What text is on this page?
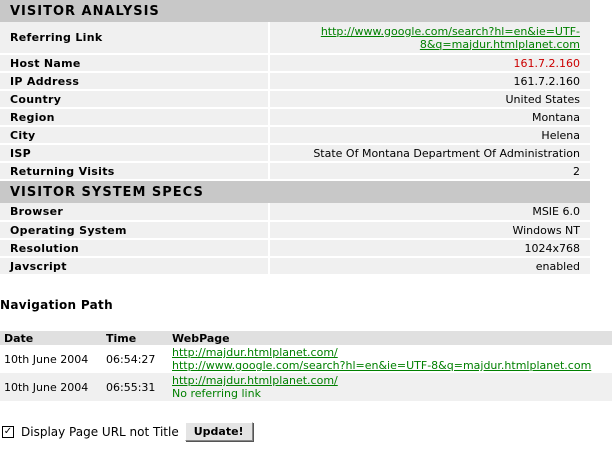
VISITOR ANALYSIS
Referring Link	http://www.google.com/search?hl=en&ie=UTF-
8&q=majdur.htmlplanet.com
Host Name	161.7.2.160
IP Address	161.7.2.160
Country	United States
Region	Montana
City	Helena
ISP	State Of Montana Department Of Administration
Returning Visits	2
VISITOR SYSTEM SPECS
Browser	MSIE 6.0
Operating System	Windows NT
Resolution	1024x768
Javscript	enabled
Navigation Path
Date	Time	WebPage
10th June 2004	06:54:27	http://majdur.htmlplanet.com/
http://www.google.com/search?hl=en&ie=UTF-8&q=majdur.htmlplanet.com

10th June 2004	06:55:31	http://majdur.htmlplanet.com/
No referring link
✓ Display Page URL not Title	Update!
